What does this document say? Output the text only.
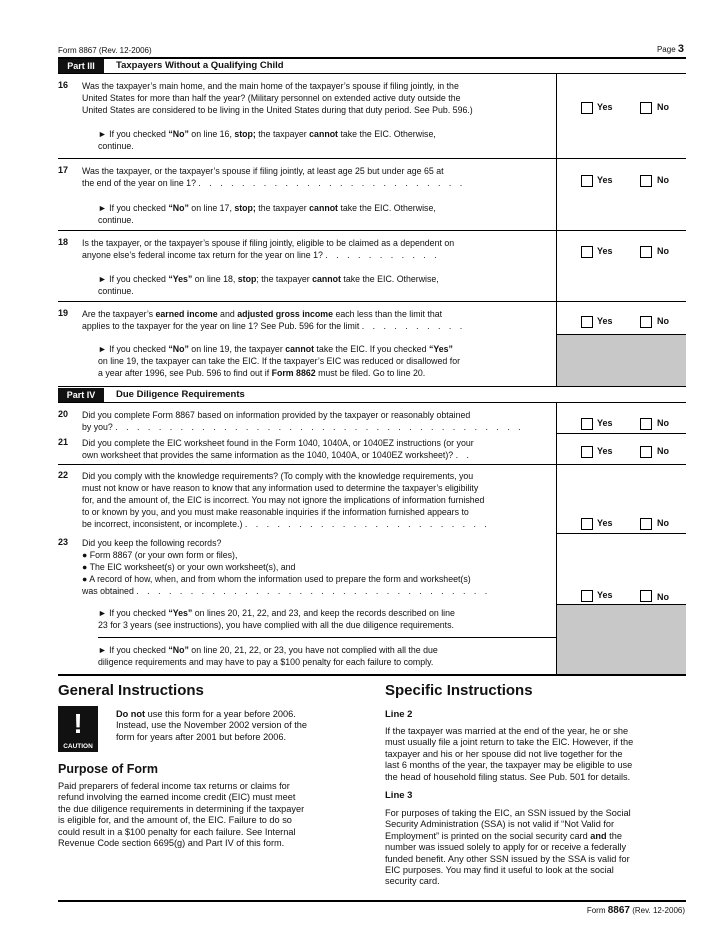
Form 8867 (Rev. 12-2006)	Page 3
Part III	Taxpayers Without a Qualifying Child
16 Was the taxpayer’s main home, and the main home of the taxpayer’s spouse if filing jointly, in the
United States for more than half the year? (Military personnel on extended active duty outside the
United States are considered to be living in the United States during that duty period. See Pub. 596.)	Yes	No
► If you checked “No” on line 16, stop; the taxpayer cannot take the EIC. Otherwise,
continue.
17 Was the taxpayer, or the taxpayer’s spouse if filing jointly, at least age 25 but under age 65 at
the end of the year on line 1? . . . . . . . . . . . . . . . . . . . . . . . . .	Yes	No
► If you checked “No” on line 17, stop; the taxpayer cannot take the EIC. Otherwise,
continue.
18 Is the taxpayer, or the taxpayer’s spouse if filing jointly, eligible to be claimed as a dependent on
anyone else’s federal income tax return for the year on line 1? . . . . . . . . . . .	Yes	No
► If you checked “Yes” on line 18, stop; the taxpayer cannot take the EIC. Otherwise,
continue.
19 Are the taxpayer’s earned income and adjusted gross income each less than the limit that
applies to the taxpayer for the year on line 1? See Pub. 596 for the limit . . . . . . . . . .	Yes	No
► If you checked “No” on line 19, the taxpayer cannot take the EIC. If you checked “Yes”
on line 19, the taxpayer can take the EIC. If the taxpayer’s EIC was reduced or disallowed for
a year after 1996, see Pub. 596 to find out if Form 8862 must be filed. Go to line 20.
Part IV	Due Diligence Requirements
20 Did you complete Form 8867 based on information provided by the taxpayer or reasonably obtained
by you? . . . . . . . . . . . . . . . . . . . . . . . . . . . . . . . . . . . . . .	Yes	No
21 Did you complete the EIC worksheet found in the Form 1040, 1040A, or 1040EZ instructions (or your
own worksheet that provides the same information as the 1040, 1040A, or 1040EZ worksheet)? . .	Yes	No
22 Did you comply with the knowledge requirements? (To comply with the knowledge requirements, you
must not know or have reason to know that any information used to determine the taxpayer’s eligibility
for, and the amount of, the EIC is incorrect. You may not ignore the implications of information furnished
to or known by you, and you must make reasonable inquiries if the information furnished appears to
be incorrect, inconsistent, or incomplete.) . . . . . . . . . . . . . . . . . . . . . . .	Yes	No
23 Did you keep the following records?
● Form 8867 (or your own form or files),
● The EIC worksheet(s) or your own worksheet(s), and
● A record of how, when, and from whom the information used to prepare the form and worksheet(s)
was obtained . . . . . . . . . . . . . . . . . . . . . . . . . . . . . . . . .	Yes	No
► If you checked “Yes” on lines 20, 21, 22, and 23, and keep the records described on line
23 for 3 years (see instructions), you have complied with all the due diligence requirements.
► If you checked “No” on line 20, 21, 22, or 23, you have not complied with all the due
diligence requirements and may have to pay a $100 penalty for each failure to comply.
General Instructions
!
CAUTION
Do not use this form for a year before 2006.
Instead, use the November 2002 version of the
form for years after 2001 but before 2006.
Purpose of Form
Paid preparers of federal income tax returns or claims for
refund involving the earned income credit (EIC) must meet
the due diligence requirements in determining if the taxpayer
is eligible for, and the amount of, the EIC. Failure to do so
could result in a $100 penalty for each failure. See Internal
Revenue Code section 6695(g) and Part IV of this form.
Specific Instructions
Line 2
If the taxpayer was married at the end of the year, he or she
must usually file a joint return to take the EIC. However, if the
taxpayer and his or her spouse did not live together for the
last 6 months of the year, the taxpayer may be eligible to use
the head of household filing status. See Pub. 501 for details.
Line 3
For purposes of taking the EIC, an SSN issued by the Social
Security Administration (SSA) is not valid if “Not Valid for
Employment” is printed on the social security card and the
number was issued solely to apply for or receive a federally
funded benefit. Any other SSN issued by the SSA is valid for
EIC purposes. You may find it useful to look at the social
security card.
Form 8867 (Rev. 12-2006)
